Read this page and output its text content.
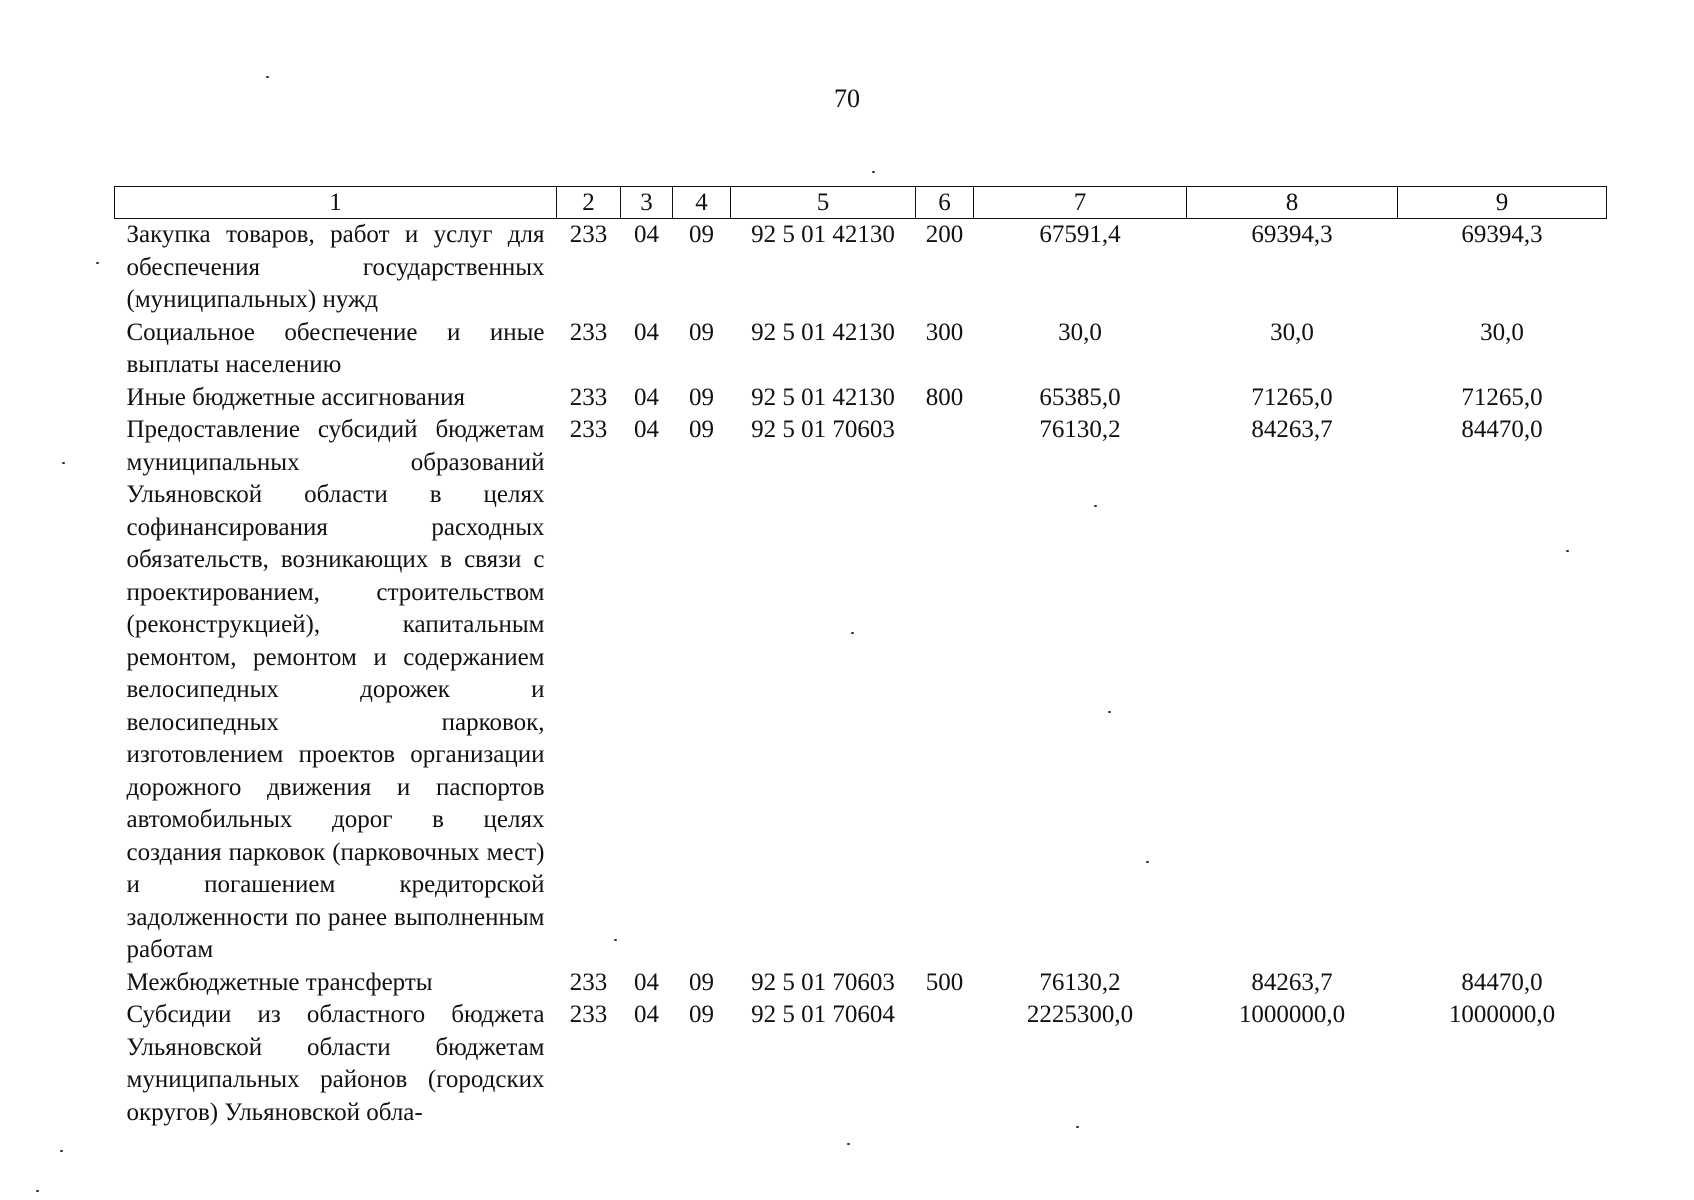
70
1	2	3	4	5	6	7	8	9
Закупка товаров, работ и услуг для обеспечения государственных (муниципальных) нужд	233	04	09	92 5 01 42130	200	67591,4	69394,3	69394,3
Социальное обеспечение и иные выплаты населению	233	04	09	92 5 01 42130	300	30,0	30,0	30,0
Иные бюджетные ассигнования	233	04	09	92 5 01 42130	800	65385,0	71265,0	71265,0
Предоставление субсидий бюджетам муниципальных образований Ульяновской области в целях софинансирования расходных обязательств, возникающих в связи с проектированием, строительством (реконструкцией), капитальным ремонтом, ремонтом и содержанием велосипедных дорожек и велосипедных парковок, изготовлением проектов организации дорожного движения и паспортов автомобильных дорог в целях создания парковок (парковочных мест) и погашением кредиторской задолженности по ранее выполненным работам	233	04	09	92 5 01 70603		76130,2	84263,7	84470,0
Межбюджетные трансферты	233	04	09	92 5 01 70603	500	76130,2	84263,7	84470,0
Субсидии из областного бюджета Ульяновской области бюджетам муниципальных районов (городских округов) Ульяновской обла-	233	04	09	92 5 01 70604		2225300,0	1000000,0	1000000,0
